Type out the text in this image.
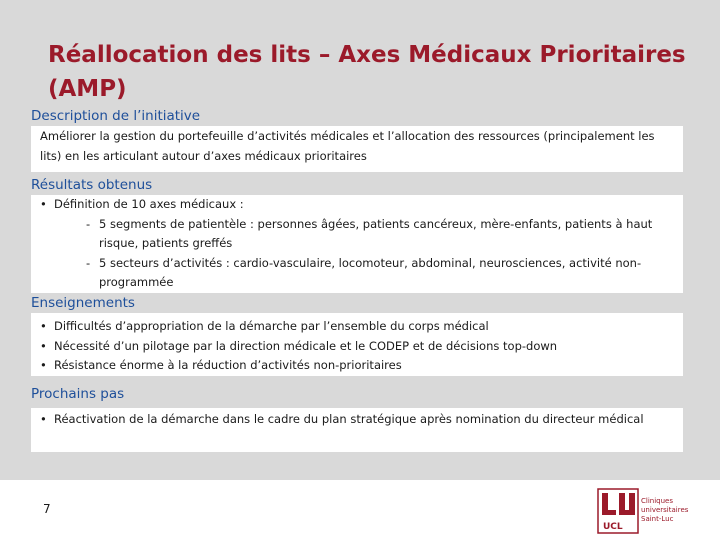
Réallocation des lits – Axes Médicaux Prioritaires (AMP)
Description de l’initiative

Améliorer la gestion du portefeuille d’activités médicales et l’allocation des ressources (principalement les lits) en les articulant autour d’axes médicaux prioritaires

Résultats obtenus
• Définition de 10 axes médicaux :
- 5 segments de patientèle : personnes âgées, patients cancéreux, mère-enfants, patients à haut risque, patients greffés
- 5 secteurs d’activités : cardio-vasculaire, locomoteur, abdominal, neurosciences, activité non-programmée
Enseignements
• Difficultés d’appropriation de la démarche par l’ensemble du corps médical
• Nécessité d’un pilotage par la direction médicale et le CODEP et de décisions top-down
• Résistance énorme à la réduction d’activités non-prioritaires
Prochains pas
• Réactivation de la démarche dans le cadre du plan stratégique après nomination du directeur médical
7
UCL
Cliniques
universitaires
Saint-Luc
